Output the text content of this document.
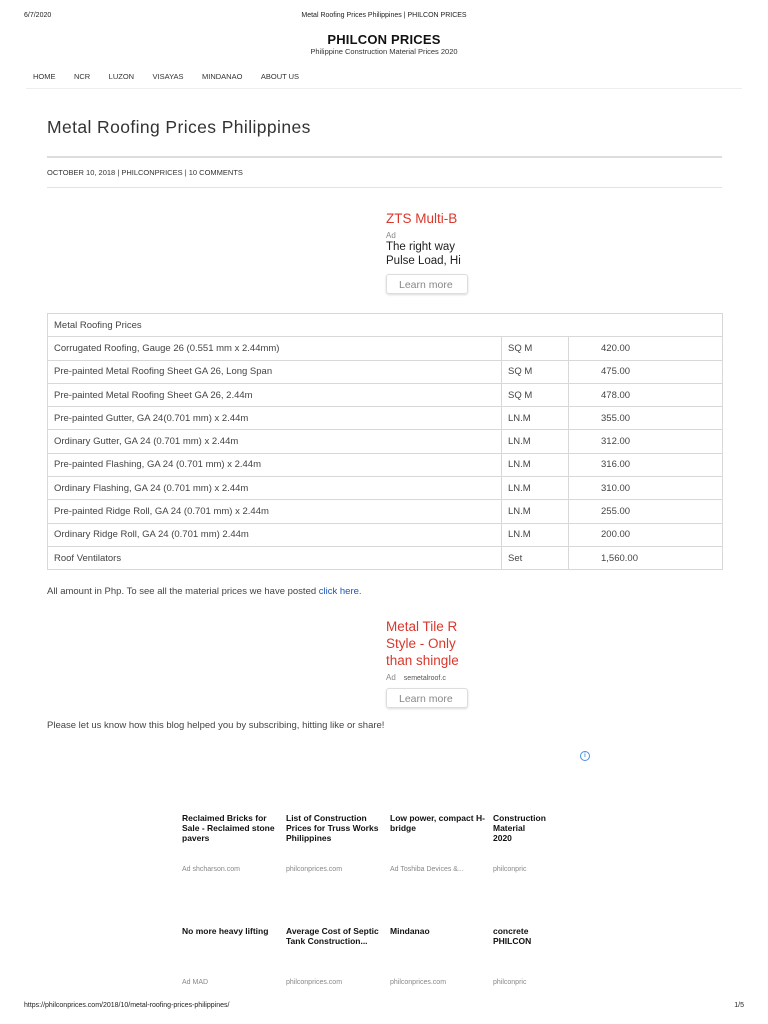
6/7/2020	Metal Roofing Prices Philippines | PHILCON PRICES
PHILCON PRICES
Philippine Construction Material Prices 2020
HOME NCR LUZON VISAYAS MINDANAO ABOUT US
Metal Roofing Prices Philippines
OCTOBER 10, 2018 | PHILCONPRICES | 10 COMMENTS
ZTS Multi-B
Ad
The right way
Pulse Load, Hi
Learn more
Metal Roofing Prices		
Corrugated Roofing, Gauge 26 (0.551 mm x 2.44mm)	SQ M	420.00
Pre-painted Metal Roofing Sheet GA 26, Long Span	SQ M	475.00
Pre-painted Metal Roofing Sheet GA 26, 2.44m	SQ M	478.00
Pre-painted Gutter, GA 24(0.701 mm) x 2.44m	LN.M	355.00
Ordinary Gutter, GA 24 (0.701 mm) x 2.44m	LN.M	312.00
Pre-painted Flashing, GA 24 (0.701 mm) x 2.44m	LN.M	316.00
Ordinary Flashing, GA 24 (0.701 mm) x 2.44m	LN.M	310.00
Pre-painted Ridge Roll, GA 24 (0.701 mm) x 2.44m	LN.M	255.00
Ordinary Ridge Roll, GA 24 (0.701 mm) 2.44m	LN.M	200.00
Roof Ventilators	Set	1,560.00
All amount in Php. To see all the material prices we have posted click here.
Metal Tile R
Style - Only
than shingle
Ad semetalroof.c
Learn more
Please let us know how this blog helped you by subscribing, hitting like or share!
i
Reclaimed Bricks for Sale - Reclaimed stone pavers
Ad shcharson.com
List of Construction Prices for Truss Works Philippines
philconprices.com
Low power, compact H-bridge
Ad Toshiba Devices &...
Construction Material 2020
philconpric
No more heavy lifting
Ad MAD
Average Cost of Septic Tank Construction...
philconprices.com
Mindanao
philconprices.com
concrete PHILCON
philconpric
https://philconprices.com/2018/10/metal-roofing-prices-philippines/	1/5
